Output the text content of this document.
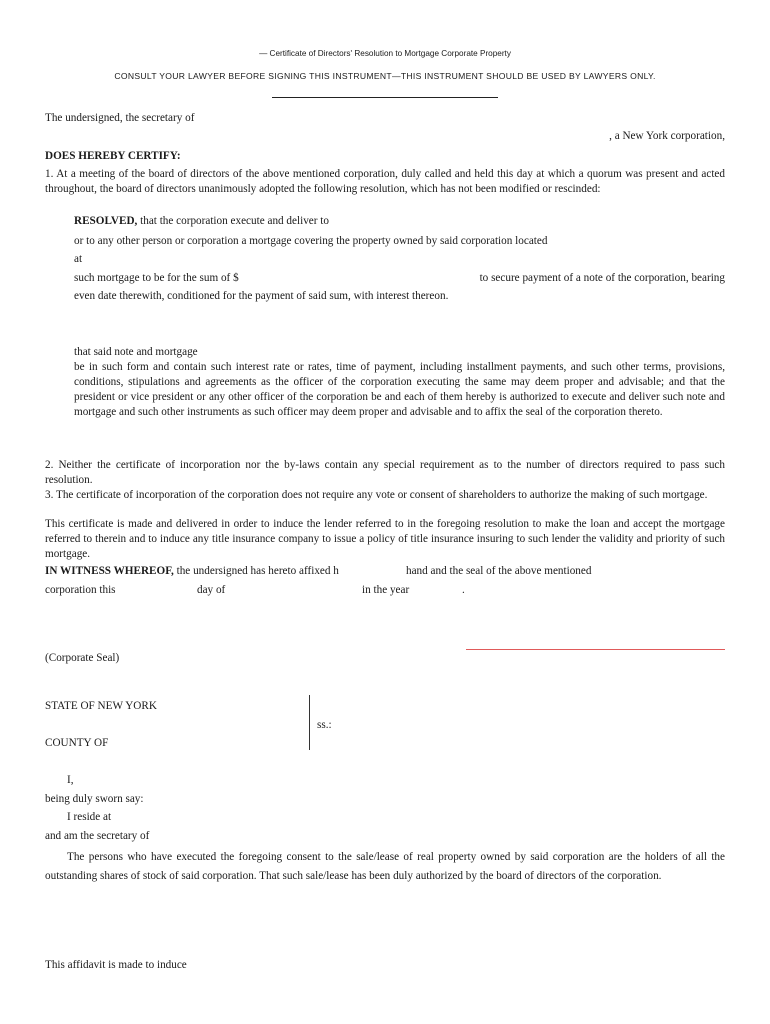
— Certificate of Directors' Resolution to Mortgage Corporate Property
CONSULT YOUR LAWYER BEFORE SIGNING THIS INSTRUMENT—THIS INSTRUMENT SHOULD BE USED BY LAWYERS ONLY.
The undersigned, the secretary of
, a New York corporation,
DOES HEREBY CERTIFY:
1. At a meeting of the board of directors of the above mentioned corporation, duly called and held this day at which a quorum was present and acted throughout, the board of directors unanimously adopted the following resolution, which has not been modified or rescinded:
RESOLVED, that the corporation execute and deliver to
or to any other person or corporation a mortgage covering the property owned by said corporation located
at
such mortgage to be for the sum of $	to secure payment of a note of the corporation, bearing
even date therewith, conditioned for the payment of said sum, with interest thereon.
that said note and mortgage
be in such form and contain such interest rate or rates, time of payment, including installment payments, and such other terms, provisions, conditions, stipulations and agreements as the officer of the corporation executing the same may deem proper and advisable; and that the president or vice president or any other officer of the corporation be and each of them hereby is authorized to execute and deliver such note and mortgage and such other instruments as such officer may deem proper and advisable and to affix the seal of the corporation thereto.
2. Neither the certificate of incorporation nor the by-laws contain any special requirement as to the number of directors required to pass such resolution.
3. The certificate of incorporation of the corporation does not require any vote or consent of shareholders to authorize the making of such mortgage.
This certificate is made and delivered in order to induce the lender referred to in the foregoing resolution to make the loan and accept the mortgage referred to therein and to induce any title insurance company to issue a policy of title insurance insuring to such lender the validity and priority of such mortgage.
IN WITNESS WHEREOF, the undersigned has hereto affixed h	hand and the seal of the above mentioned
corporation this	day of	in the year	.
(Corporate Seal)
STATE OF NEW YORK
ss.:
COUNTY OF
I,
being duly sworn say:
I reside at
and am the secretary of
The persons who have executed the foregoing consent to the sale/lease of real property owned by said corporation are the holders of all the outstanding shares of stock of said corporation. That such sale/lease has been duly authorized by the board of directors of the corporation.
This affidavit is made to induce
